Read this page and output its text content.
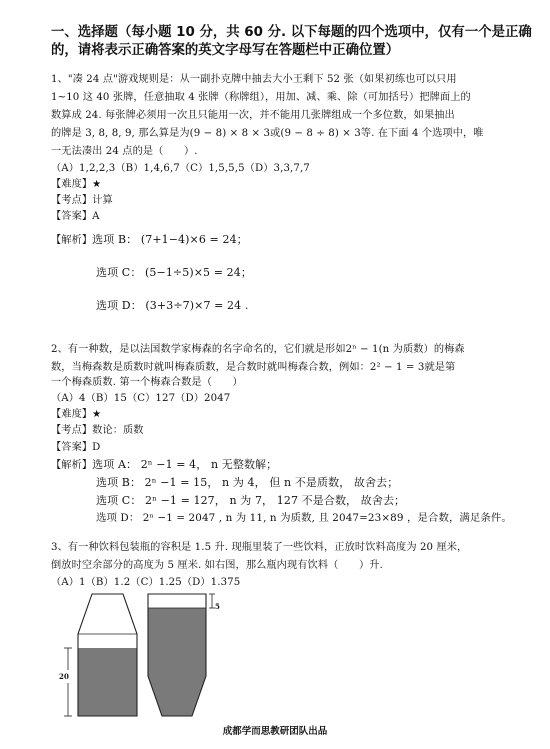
一、选择题（每小题 10 分，共 60 分. 以下每题的四个选项中，仅有一个是正确
的，请将表示正确答案的英文字母写在答题栏中正确位置）
1、"凑 24 点"游戏规则是：从一副扑克牌中抽去大小王剩下 52 张（如果初练也可以只用
1~10 这 40 张牌，任意抽取 4 张牌（称牌组），用加、减、乘、除（可加括号）把牌面上的
数算成 24. 每张牌必须用一次且只能用一次，并不能用几张牌组成一个多位数，如果抽出
的牌是 3, 8, 8, 9, 那么算是为(9 − 8) × 8 × 3或(9 − 8 ÷ 8) × 3等. 在下面 4 个选项中，唯
一无法凑出 24 点的是（　　）.
（A）1,2,2,3（B）1,4,6,7（C）1,5,5,5（D）3,3,7,7
【难度】★
【考点】计算
【答案】A
【解析】选项 B： (7+1−4)×6 = 24；
选项 C： (5−1÷5)×5 = 24；
选项 D： (3+3÷7)×7 = 24 .
2、有一种数，是以法国数学家梅森的名字命名的，它们就是形如2ⁿ − 1(n 为质数）的梅森
数，当梅森数是质数时就叫梅森质数，是合数时就叫梅森合数，例如：2² − 1 = 3就是第
一个梅森质数. 第一个梅森合数是（　　）
（A）4（B）15（C）127（D）2047
【难度】★
【考点】数论：质数
【答案】D
【解析】选项 A： 2ⁿ −1 = 4， n 无整数解；
选项 B： 2ⁿ −1 = 15， n 为 4， 但 n 不是质数， 故舍去；
选项 C： 2ⁿ −1 = 127， n 为 7， 127 不是合数， 故舍去；
选项 D： 2ⁿ −1 = 2047 , n 为 11, n 为质数, 且 2047=23×89 ，是合数，满足条件。
3、有一种饮料包装瓶的容积是 1.5 升. 现瓶里装了一些饮料，正放时饮料高度为 20 厘米，
倒放时空余部分的高度为 5 厘米. 如右图，那么瓶内现有饮料（　　）升.
（A）1（B）1.2（C）1.25（D）1.375
20
5
成都学而思教研团队出品
